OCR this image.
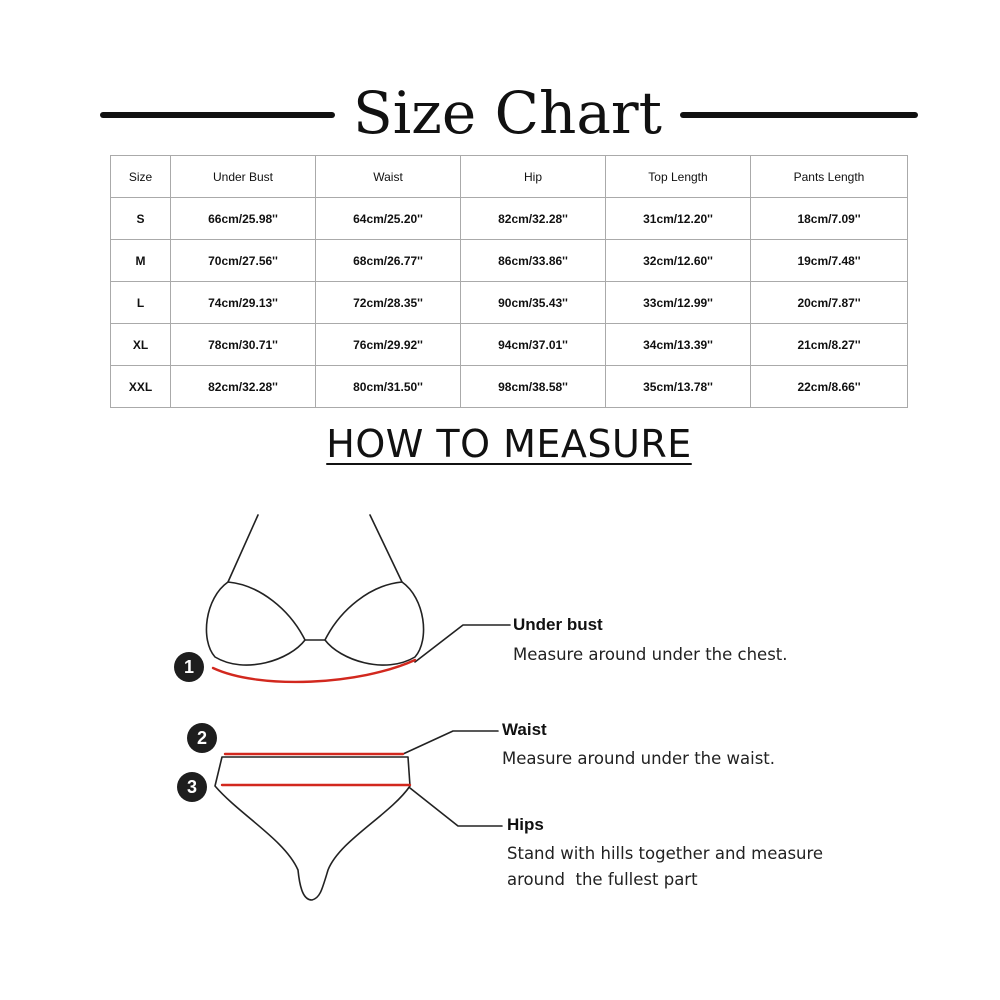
Size Chart
Size	Under Bust	Waist	Hip	Top Length	Pants Length
S	66cm/25.98''	64cm/25.20''	82cm/32.28''	31cm/12.20''	18cm/7.09''
M	70cm/27.56''	68cm/26.77''	86cm/33.86''	32cm/12.60''	19cm/7.48''
L	74cm/29.13''	72cm/28.35''	90cm/35.43''	33cm/12.99''	20cm/7.87''
XL	78cm/30.71''	76cm/29.92''	94cm/37.01''	34cm/13.39''	21cm/8.27''
XXL	82cm/32.28''	80cm/31.50''	98cm/38.58''	35cm/13.78''	22cm/8.66''
HOW TO MEASURE
1
2
3
Under bust
Measure around under the chest.
Waist
Measure around under the waist.
Hips
Stand with hills together and measure
around  the fullest part
